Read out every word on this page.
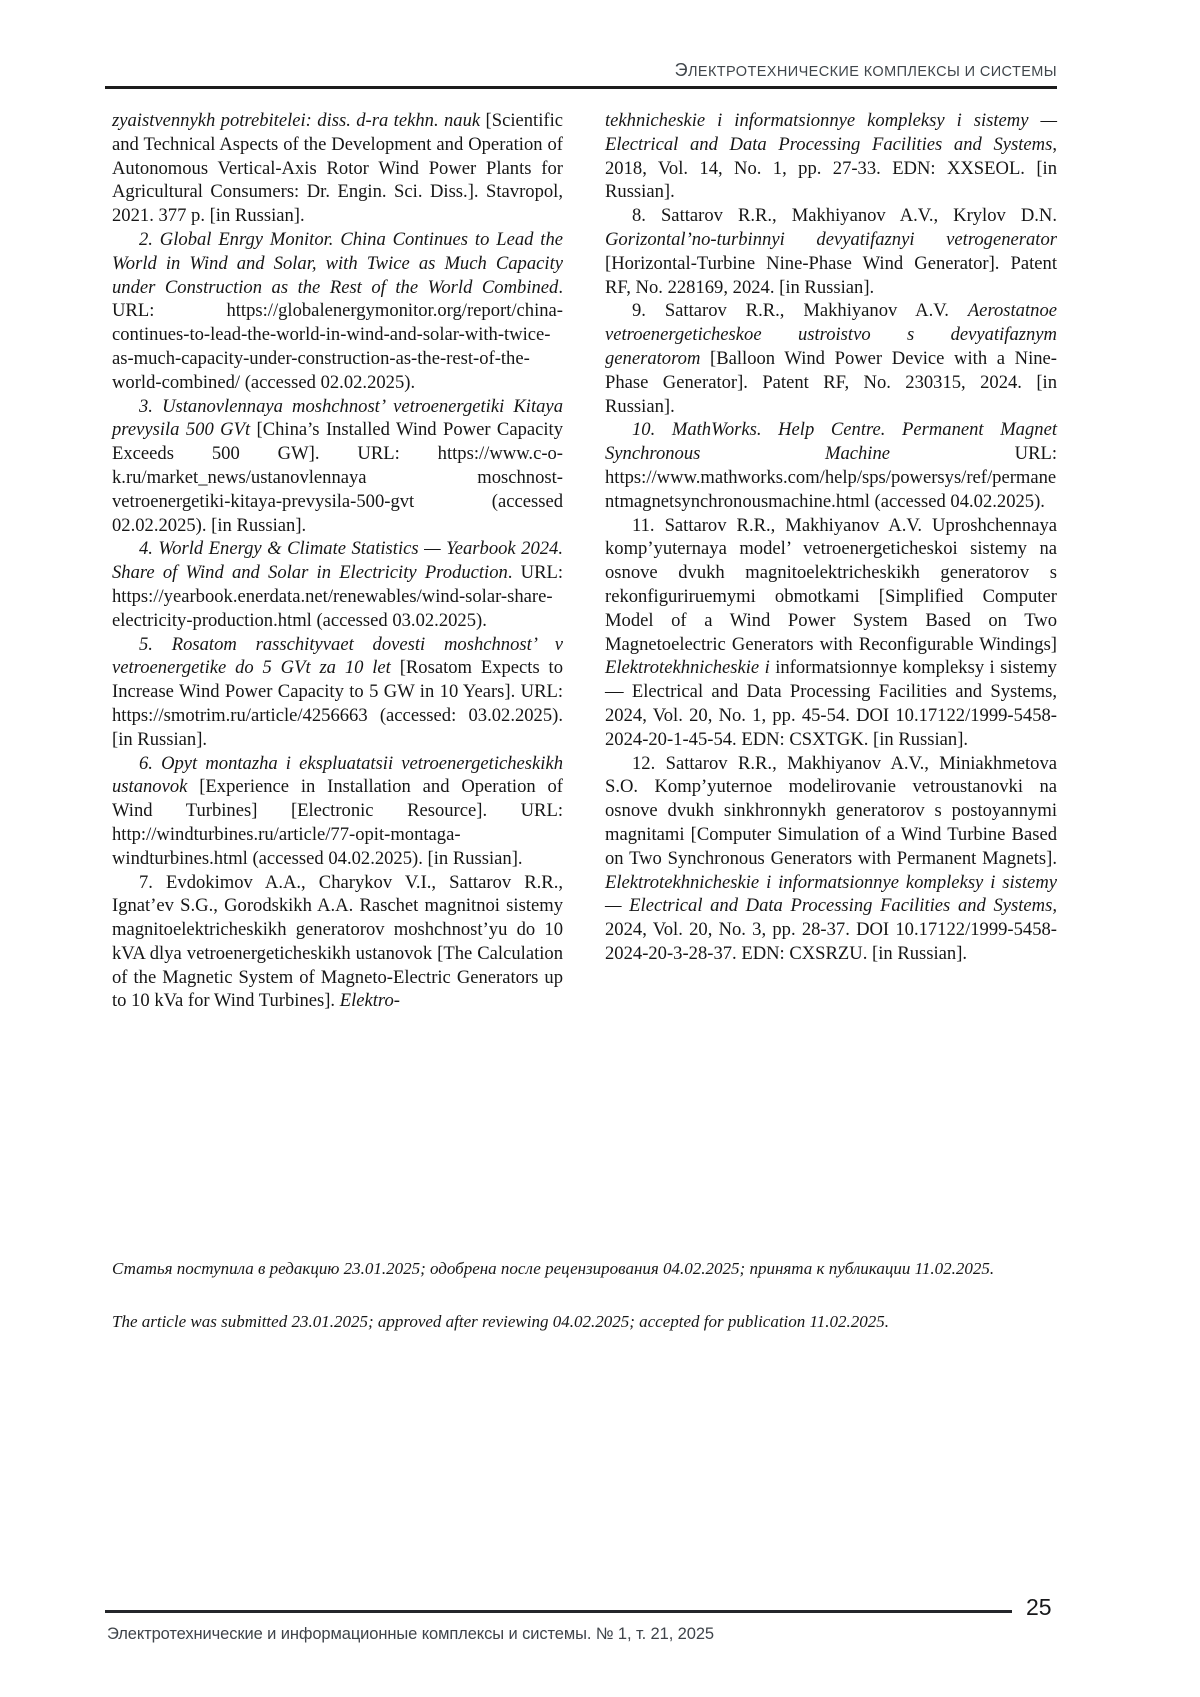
ЭЛЕКТРОТЕХНИЧЕСКИЕ КОМПЛЕКСЫ И СИСТЕМЫ

zyaistvennykh potrebitelei: diss. d-ra tekhn. nauk [Scientific and Technical Aspects of the Development and Operation of Autonomous Vertical-Axis Rotor Wind Power Plants for Agricultural Consumers: Dr. Engin. Sci. Diss.]. Stavropol, 2021. 377 p. [in Russian].

2. Global Enrgy Monitor. China Continues to Lead the World in Wind and Solar, with Twice as Much Capacity under Construction as the Rest of the World Combined. URL: https://globalenergymonitor.org/report/china-continues-to-lead-the-world-in-wind-and-solar-with-twice-as-much-capacity-under-construction-as-the-rest-of-the-world-combined/ (accessed 02.02.2025).

3. Ustanovlennaya moshchnost’ vetroenergetiki Kitaya prevysila 500 GVt [China’s Installed Wind Power Capacity Exceeds 500 GW]. URL: https://www.c-o-k.ru/market_news/ustanovlennaya moschnost-vetroenergetiki-kitaya-prevysila-500-gvt (accessed 02.02.2025). [in Russian].

4. World Energy & Climate Statistics — Yearbook 2024. Share of Wind and Solar in Electricity Production. URL: https://yearbook.enerdata.net/renewables/wind-solar-share-electricity-production.html (accessed 03.02.2025).

5. Rosatom rasschityvaet dovesti moshchnost’ v vetroenergetike do 5 GVt za 10 let [Rosatom Expects to Increase Wind Power Capacity to 5 GW in 10 Years]. URL: https://smotrim.ru/article/4256663 (accessed: 03.02.2025). [in Russian].

6. Opyt montazha i ekspluatatsii vetroenergeticheskikh ustanovok [Experience in Installation and Operation of Wind Turbines] [Electronic Resource]. URL: http://windturbines.ru/article/77-opit-montaga-windturbines.html (accessed 04.02.2025). [in Russian].

7. Evdokimov A.A., Charykov V.I., Sattarov R.R., Ignat’ev S.G., Gorodskikh A.A. Raschet magnitnoi sistemy magnitoelektricheskikh generatorov moshchnost’yu do 10 kVA dlya vetroenergeticheskikh ustanovok [The Calculation of the Magnetic System of Magneto-Electric Generators up to 10 kVa for Wind Turbines]. Elektro-

tekhnicheskie i informatsionnye kompleksy i sistemy — Electrical and Data Processing Facilities and Systems, 2018, Vol. 14, No. 1, pp. 27-33. EDN: XXSEOL. [in Russian].

8. Sattarov R.R., Makhiyanov A.V., Krylov D.N. Gorizontal’no-turbinnyi devyatifaznyi vetrogenerator [Horizontal-Turbine Nine-Phase Wind Generator]. Patent RF, No. 228169, 2024. [in Russian].

9. Sattarov R.R., Makhiyanov A.V. Aerostatnoe vetroenergeticheskoe ustroistvo s devyatifaznym generatorom [Balloon Wind Power Device with a Nine-Phase Generator]. Patent RF, No. 230315, 2024. [in Russian].

10. MathWorks. Help Centre. Permanent Magnet Synchronous Machine URL: https://www.mathworks.com/help/sps/powersys/ref/permanentmagnetsynchronousmachine.html (accessed 04.02.2025).

11. Sattarov R.R., Makhiyanov A.V. Uproshchennaya komp’yuternaya model’ vetroenergeticheskoi sistemy na osnove dvukh magnitoelektricheskikh generatorov s rekonfiguriruemymi obmotkami [Simplified Computer Model of a Wind Power System Based on Two Magnetoelectric Generators with Reconfigurable Windings] Elektrotekhnicheskie i informatsionnye kompleksy i sistemy — Electrical and Data Processing Facilities and Systems, 2024, Vol. 20, No. 1, pp. 45-54. DOI 10.17122/1999-5458-2024-20-1-45-54. EDN: CSXTGK. [in Russian].

12. Sattarov R.R., Makhiyanov A.V., Miniakhmetova S.O. Komp’yuternoe modelirovanie vetroustanovki na osnove dvukh sinkhronnykh generatorov s postoyannymi magnitami [Computer Simulation of a Wind Turbine Based on Two Synchronous Generators with Permanent Magnets]. Elektrotekhnicheskie i informatsionnye kompleksy i sistemy — Electrical and Data Processing Facilities and Systems, 2024, Vol. 20, No. 3, pp. 28-37. DOI 10.17122/1999-5458-2024-20-3-28-37. EDN: CXSRZU. [in Russian].

Статья поступила в редакцию 23.01.2025; одобрена после рецензирования 04.02.2025; принята к публикации 11.02.2025.
The article was submitted 23.01.2025; approved after reviewing 04.02.2025; accepted for publication 11.02.2025.
25
Электротехнические и информационные комплексы и системы. № 1, т. 21, 2025
